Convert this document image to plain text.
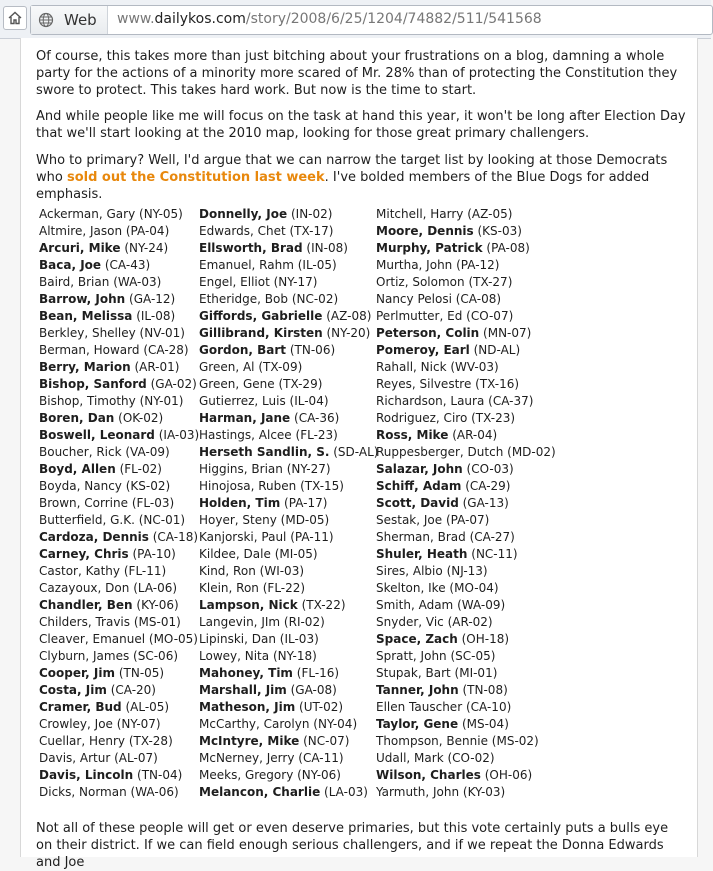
Web www.dailykos.com/story/2008/6/25/1204/74882/511/541568

Of course, this takes more than just bitching about your frustrations on a blog, damning a whole party for the actions of a minority more scared of Mr. 28% than of protecting the Constitution they swore to protect. This takes hard work. But now is the time to start.

And while people like me will focus on the task at hand this year, it won't be long after Election Day that we'll start looking at the 2010 map, looking for those great primary challengers.

Who to primary? Well, I'd argue that we can narrow the target list by looking at those Democrats who sold out the Constitution last week. I've bolded members of the Blue Dogs for added emphasis.

Ackerman, Gary (NY-05)
Altmire, Jason (PA-04)
Arcuri, Mike (NY-24)
Baca, Joe (CA-43)
Baird, Brian (WA-03)
Barrow, John (GA-12)
Bean, Melissa (IL-08)
Berkley, Shelley (NV-01)
Berman, Howard (CA-28)
Berry, Marion (AR-01)
Bishop, Sanford (GA-02)
Bishop, Timothy (NY-01)
Boren, Dan (OK-02)
Boswell, Leonard (IA-03)
Boucher, Rick (VA-09)
Boyd, Allen (FL-02)
Boyda, Nancy (KS-02)
Brown, Corrine (FL-03)
Butterfield, G.K. (NC-01)
Cardoza, Dennis (CA-18)
Carney, Chris (PA-10)
Castor, Kathy (FL-11)
Cazayoux, Don (LA-06)
Chandler, Ben (KY-06)
Childers, Travis (MS-01)
Cleaver, Emanuel (MO-05)
Clyburn, James (SC-06)
Cooper, Jim (TN-05)
Costa, Jim (CA-20)
Cramer, Bud (AL-05)
Crowley, Joe (NY-07)
Cuellar, Henry (TX-28)
Davis, Artur (AL-07)
Davis, Lincoln (TN-04)
Dicks, Norman (WA-06)
Donnelly, Joe (IN-02)
Edwards, Chet (TX-17)
Ellsworth, Brad (IN-08)
Emanuel, Rahm (IL-05)
Engel, Elliot (NY-17)
Etheridge, Bob (NC-02)
Giffords, Gabrielle (AZ-08)
Gillibrand, Kirsten (NY-20)
Gordon, Bart (TN-06)
Green, Al (TX-09)
Green, Gene (TX-29)
Gutierrez, Luis (IL-04)
Harman, Jane (CA-36)
Hastings, Alcee (FL-23)
Herseth Sandlin, S. (SD-AL)
Higgins, Brian (NY-27)
Hinojosa, Ruben (TX-15)
Holden, Tim (PA-17)
Hoyer, Steny (MD-05)
Kanjorski, Paul (PA-11)
Kildee, Dale (MI-05)
Kind, Ron (WI-03)
Klein, Ron (FL-22)
Lampson, Nick (TX-22)
Langevin, JIm (RI-02)
Lipinski, Dan (IL-03)
Lowey, Nita (NY-18)
Mahoney, Tim (FL-16)
Marshall, Jim (GA-08)
Matheson, Jim (UT-02)
McCarthy, Carolyn (NY-04)
McIntyre, Mike (NC-07)
McNerney, Jerry (CA-11)
Meeks, Gregory (NY-06)
Melancon, Charlie (LA-03)
Mitchell, Harry (AZ-05)
Moore, Dennis (KS-03)
Murphy, Patrick (PA-08)
Murtha, John (PA-12)
Ortiz, Solomon (TX-27)
Nancy Pelosi (CA-08)
Perlmutter, Ed (CO-07)
Peterson, Colin (MN-07)
Pomeroy, Earl (ND-AL)
Rahall, Nick (WV-03)
Reyes, Silvestre (TX-16)
Richardson, Laura (CA-37)
Rodriguez, Ciro (TX-23)
Ross, Mike (AR-04)
Ruppesberger, Dutch (MD-02)
Salazar, John (CO-03)
Schiff, Adam (CA-29)
Scott, David (GA-13)
Sestak, Joe (PA-07)
Sherman, Brad (CA-27)
Shuler, Heath (NC-11)
Sires, Albio (NJ-13)
Skelton, Ike (MO-04)
Smith, Adam (WA-09)
Snyder, Vic (AR-02)
Space, Zach (OH-18)
Spratt, John (SC-05)
Stupak, Bart (MI-01)
Tanner, John (TN-08)
Ellen Tauscher (CA-10)
Taylor, Gene (MS-04)
Thompson, Bennie (MS-02)
Udall, Mark (CO-02)
Wilson, Charles (OH-06)
Yarmuth, John (KY-03)

Not all of these people will get or even deserve primaries, but this vote certainly puts a bulls eye on their district. If we can field enough serious challengers, and if we repeat the Donna Edwards and Joe
